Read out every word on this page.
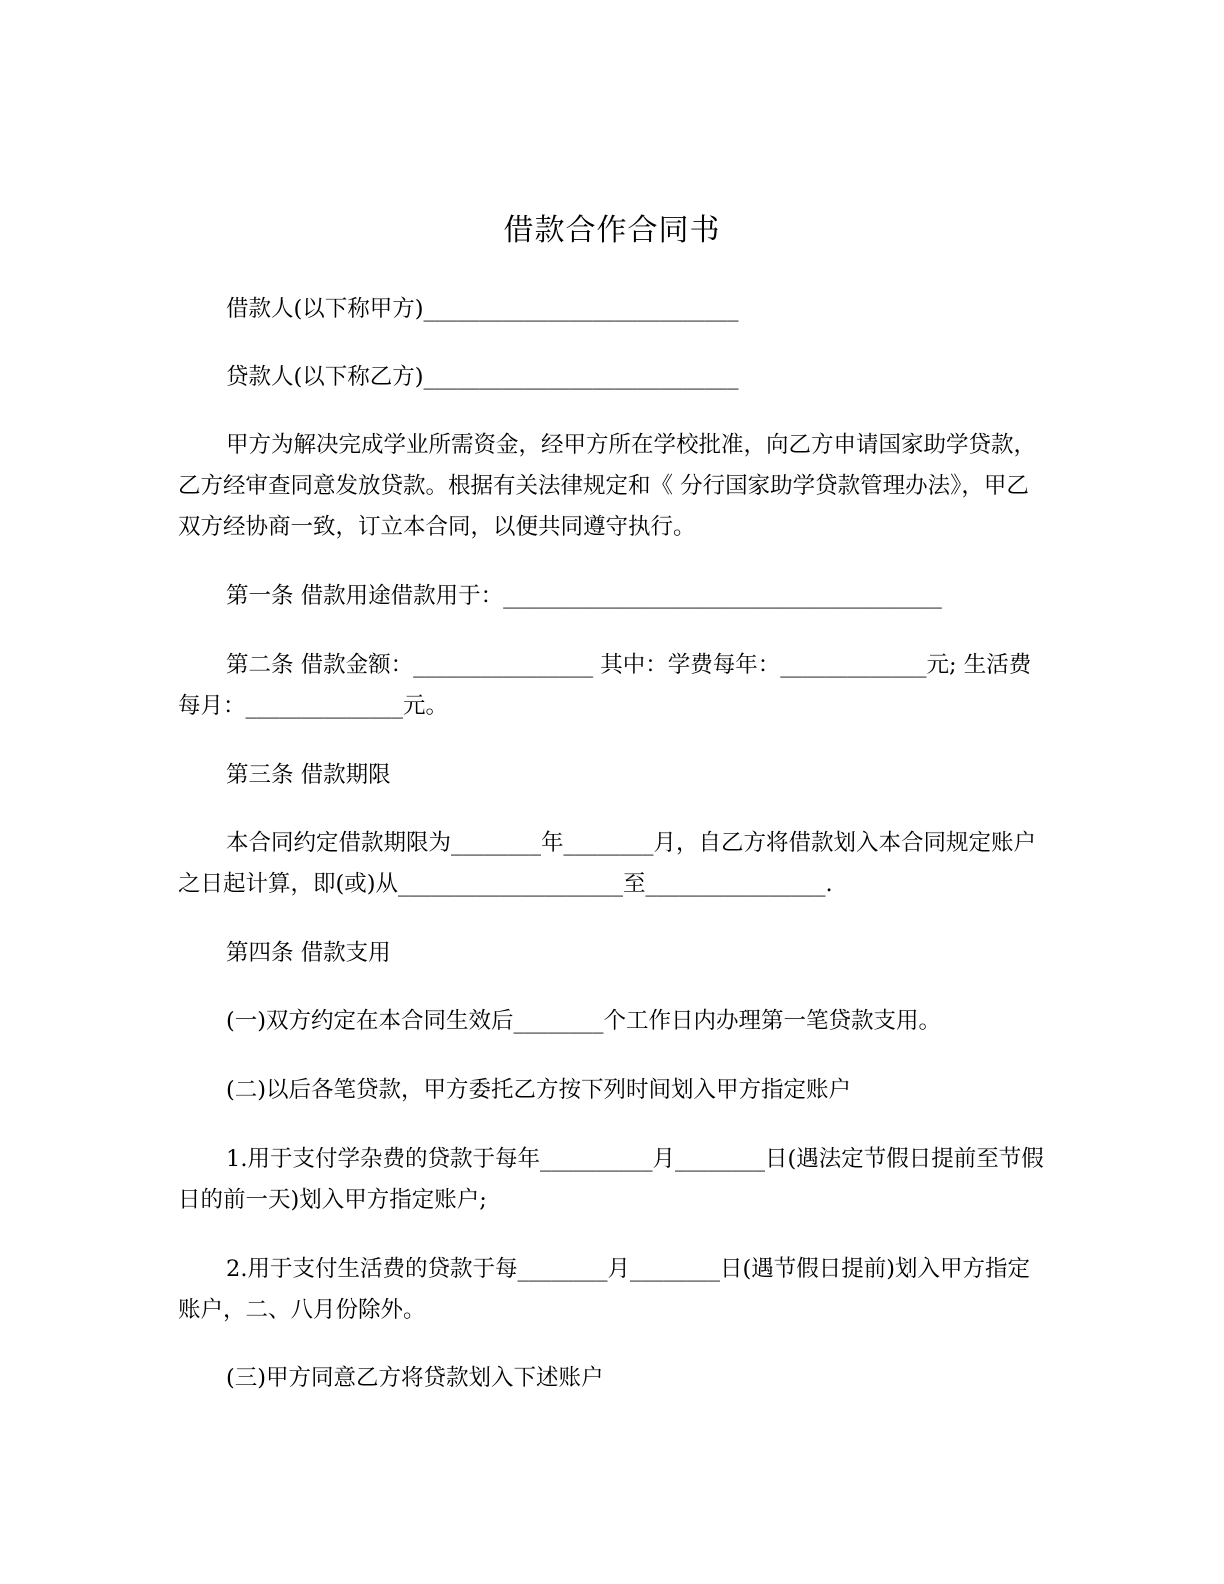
借款合作合同书

借款人(以下称甲方)____________________________

贷款人(以下称乙方)____________________________

甲方为解决完成学业所需资金，经甲方所在学校批准，向乙方申请国家助学贷款，乙方经审查同意发放贷款。根据有关法律规定和《 分行国家助学贷款管理办法》，甲乙双方经协商一致，订立本合同，以便共同遵守执行。

第一条 借款用途借款用于：_______________________________________

第二条 借款金额：________________ 其中：学费每年：_____________元; 生活费每月：______________元。

第三条 借款期限

本合同约定借款期限为________年________月，自乙方将借款划入本合同规定账户之日起计算，即(或)从____________________至________________.

第四条 借款支用

(一)双方约定在本合同生效后________个工作日内办理第一笔贷款支用。

(二)以后各笔贷款，甲方委托乙方按下列时间划入甲方指定账户

1.用于支付学杂费的贷款于每年__________月________日(遇法定节假日提前至节假日的前一天)划入甲方指定账户;

2.用于支付生活费的贷款于每________月________日(遇节假日提前)划入甲方指定账户，二、八月份除外。

(三)甲方同意乙方将贷款划入下述账户
